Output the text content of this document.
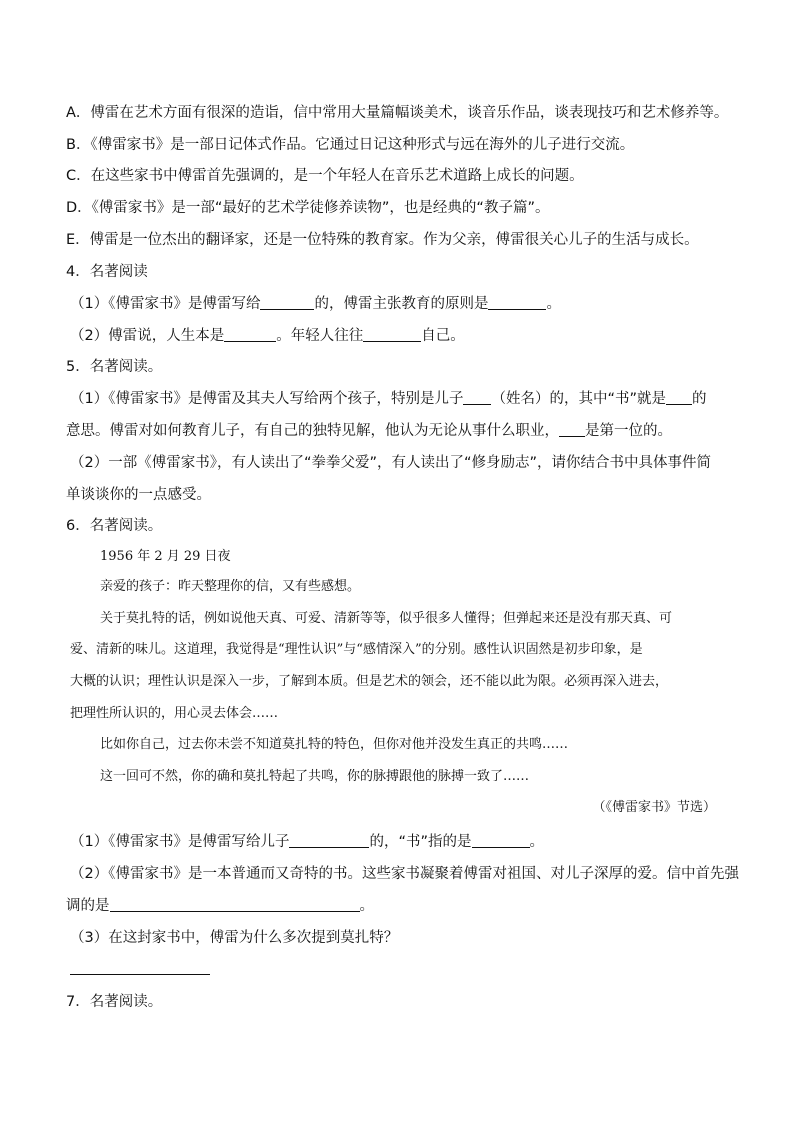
A．傅雷在艺术方面有很深的造诣，信中常用大量篇幅谈美术，谈音乐作品，谈表现技巧和艺术修养等。
B．《傅雷家书》是一部日记体式作品。它通过日记这种形式与远在海外的儿子进行交流。
C．在这些家书中傅雷首先强调的，是一个年轻人在音乐艺术道路上成长的问题。
D．《傅雷家书》是一部“最好的艺术学徒修养读物”，也是经典的“教子篇”。
E．傅雷是一位杰出的翻译家，还是一位特殊的教育家。作为父亲，傅雷很关心儿子的生活与成长。
4．名著阅读
（1）《傅雷家书》是傅雷写给	的，傅雷主张教育的原则是	。
（2）傅雷说，人生本是	。年轻人往往	自己。
5．名著阅读。
（1）《傅雷家书》是傅雷及其夫人写给两个孩子，特别是儿子 （姓名）的，其中“书”就是 的
意思。傅雷对如何教育儿子，有自己的独特见解，他认为无论从事什么职业， 是第一位的。
（2）一部《傅雷家书》，有人读出了“拳拳父爱”，有人读出了“修身励志”，请你结合书中具体事件简
单谈谈你的一点感受。
6．名著阅读。
1956 年 2 月 29 日夜
亲爱的孩子：昨天整理你的信，又有些感想。
关于莫扎特的话，例如说他天真、可爱、清新等等，似乎很多人懂得；但弹起来还是没有那天真、可
爱、清新的味儿。这道理，我觉得是“理性认识”与“感情深入”的分别。感性认识固然是初步印象，是
大概的认识；理性认识是深入一步，了解到本质。但是艺术的领会，还不能以此为限。必须再深入进去，
把理性所认识的，用心灵去体会……
比如你自己，过去你未尝不知道莫扎特的特色，但你对他并没发生真正的共鸣……
这一回可不然，你的确和莫扎特起了共鸣，你的脉搏跟他的脉搏一致了……
（《傅雷家书》节选）
（1）《傅雷家书》是傅雷写给儿子	的，“书”指的是	。
（2）《傅雷家书》是一本普通而又奇特的书。这些家书凝聚着傅雷对祖国、对儿子深厚的爱。信中首先强
调的是	。
（3）在这封家书中，傅雷为什么多次提到莫扎特？
7．名著阅读。
